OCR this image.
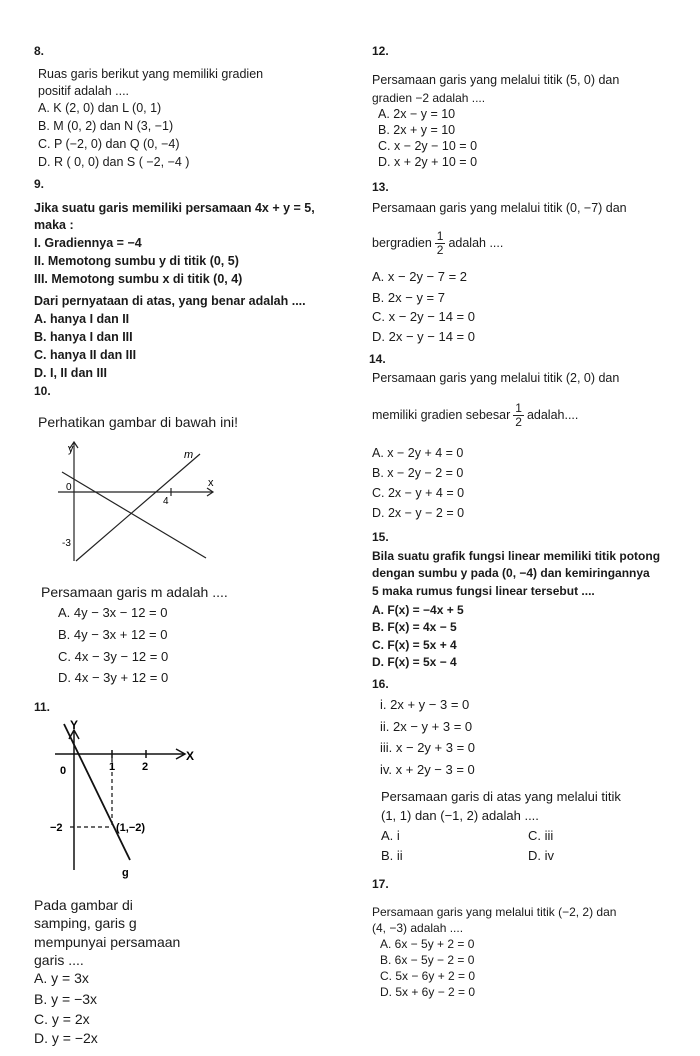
8.
Ruas garis berikut yang memiliki gradien
positif adalah ....
A. K (2, 0) dan L (0, 1)
B. M (0, 2) dan N (3, −1)
C. P (−2, 0) dan Q (0, −4)
D. R ( 0, 0) dan S ( −2, −4 )
9.
Jika suatu garis memiliki persamaan 4x + y = 5,
maka :
I. Gradiennya = −4
II. Memotong sumbu y di titik (0, 5)
III. Memotong sumbu x di titik (0, 4)
Dari pernyataan di atas, yang benar adalah ....
A. hanya I dan II
B. hanya I dan III
C. hanya II dan III
D. I, II dan III
10.
Perhatikan gambar di bawah ini!
y
x
m
0
4
-3
Persamaan garis m adalah ....
A. 4y − 3x − 12 = 0
B. 4y − 3x + 12 = 0
C. 4x − 3y − 12 = 0
D. 4x − 3y + 12 = 0
11.
Y
X
0	1 2
−2	(1,−2)
g
Pada gambar di
samping, garis g
mempunyai persamaan
garis ....
A. y = 3x
B. y = −3x
C. y = 2x
D. y = −2x
12.
Persamaan garis yang melalui titik (5, 0) dan
gradien −2 adalah ....
A. 2x − y = 10
B. 2x + y = 10
C. x − 2y − 10 = 0
D. x + 2y + 10 = 0
13.
Persamaan garis yang melalui titik (0, −7) dan
bergradien $\frac{1}{2}$ adalah ....
A. x − 2y − 7 = 2
B. 2x − y = 7
C. x − 2y − 14 = 0
D. 2x − y − 14 = 0
14.
Persamaan garis yang melalui titik (2, 0) dan
memiliki gradien sebesar $\frac{1}{2}$ adalah....
A. x − 2y + 4 = 0
B. x − 2y − 2 = 0
C. 2x − y + 4 = 0
D. 2x − y − 2 = 0
15.
Bila suatu grafik fungsi linear memiliki titik potong
dengan sumbu y pada (0, −4) dan kemiringannya
5 maka rumus fungsi linear tersebut ....
A. F(x) = −4x + 5
B. F(x) = 4x − 5
C. F(x) = 5x + 4
D. F(x) = 5x − 4
16.
i. 2x + y − 3 = 0
ii. 2x − y + 3 = 0
iii. x − 2y + 3 = 0
iv. x + 2y − 3 = 0
Persamaan garis di atas yang melalui titik
(1, 1) dan (−1, 2) adalah ....
A. i
B. ii
C. iii
D. iv
17.
Persamaan garis yang melalui titik (−2, 2) dan
(4, −3) adalah ....
A. 6x − 5y + 2 = 0
B. 6x − 5y − 2 = 0
C. 5x − 6y + 2 = 0
D. 5x + 6y − 2 = 0
